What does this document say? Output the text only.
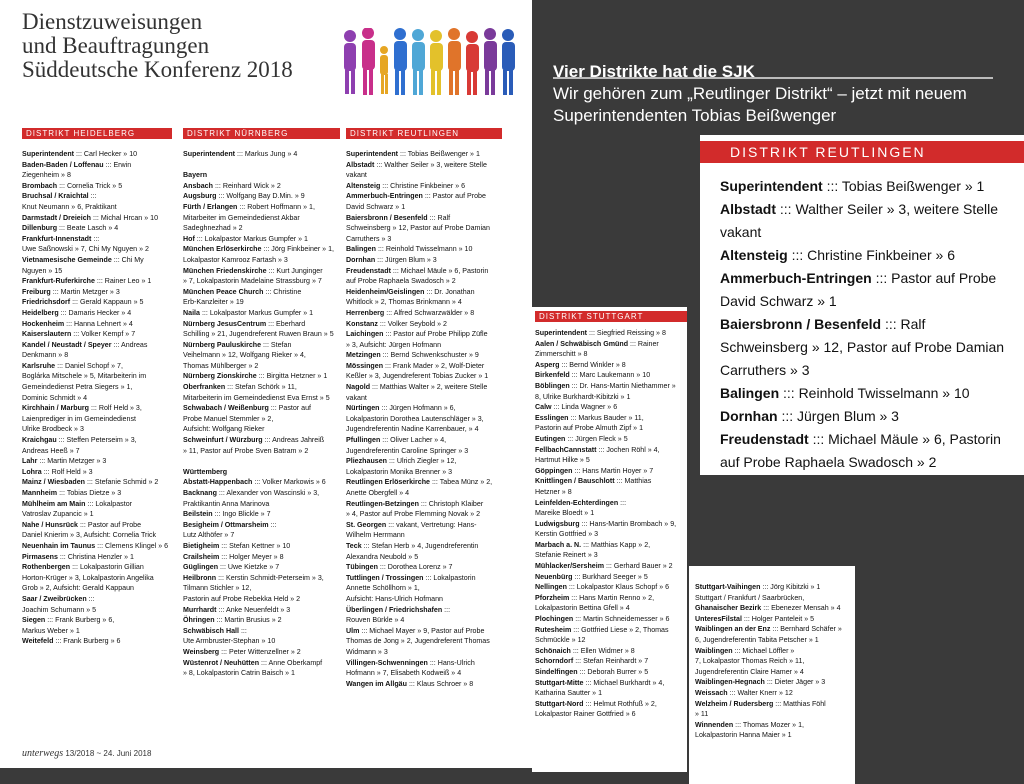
Dienstzuweisungen
und Beauftragungen
Süddeutsche Konferenz 2018
DISTRIKT HEIDELBERG
Superintendent ::: Carl Hecker » 10
Baden-Baden / Loffenau ::: Erwin
Ziegenheim » 8
Brombach ::: Cornelia Trick » 5
Bruchsal / Kraichtal :::
Knut Neumann » 6, Praktikant
Darmstadt / Dreieich ::: Michal Hrcan » 10
Dillenburg ::: Beate Lasch » 4
Frankfurt-Innenstadt :::
Uwe Saßnowski » 7, Chi My Nguyen » 2
Vietnamesische Gemeinde ::: Chi My
Nguyen » 15
Frankfurt-Ruferkirche ::: Rainer Leo » 1
Freiburg ::: Martin Metzger » 3
Friedrichsdorf ::: Gerald Kappaun » 5
Heidelberg ::: Damaris Hecker » 4
Hockenheim ::: Hanna Lehnert » 4
Kaiserslautern ::: Volker Kempf » 7
Kandel / Neustadt / Speyer ::: Andreas
Denkmann » 8
Karlsruhe ::: Daniel Schopf » 7,
Boglárka Mitschele » 5, Mitarbeiterin im
Gemeindedienst Petra Siegers » 1,
Dominic Schmidt » 4
Kirchhain / Marburg ::: Rolf Held » 3,
Laienprediger in im Gemeindedienst
Ulrike Brodbeck » 3
Kraichgau ::: Steffen Peterseim » 3,
Andreas Heeß » 7
Lahr ::: Martin Metzger » 3
Lohra ::: Rolf Held » 3
Mainz / Wiesbaden ::: Stefanie Schmid » 2
Mannheim ::: Tobias Dietze » 3
Mühlheim am Main ::: Lokalpastor
Vatroslav Zupancic » 1
Nahe / Hunsrück ::: Pastor auf Probe
Daniel Knierim » 3, Aufsicht: Cornelia Trick
Neuenhain im Taunus ::: Clemens Klingel » 6
Pirmasens ::: Christina Henzler » 1
Rothenbergen ::: Lokalpastorin Gillian
Horton-Krüger » 3, Lokalpastorin Angelika
Grob » 2, Aufsicht: Gerald Kappaun
Saar / Zweibrücken :::
Joachim Schumann » 5
Siegen ::: Frank Burberg » 6,
Markus Weber » 1
Weitefeld ::: Frank Burberg » 6
DISTRIKT NÜRNBERG
Superintendent ::: Markus Jung » 4

Bayern
Ansbach ::: Reinhard Wick » 2
Augsburg ::: Wolfgang Bay D.Min. » 9
Fürth / Erlangen ::: Robert Hoffmann » 1,
Mitarbeiter im Gemeindedienst Akbar
Sadeghnezhad » 2
Hof ::: Lokalpastor Markus Gumpfer » 1
München Erlöserkirche ::: Jörg Finkbeiner » 1,
Lokalpastor Kamrooz Fartash » 3
München Friedenskirche ::: Kurt Junginger
» 7, Lokalpastorin Madelaine Strassburg » 7
München Peace Church ::: Christine
Erb-Kanzleiter » 19
Naila ::: Lokalpastor Markus Gumpfer » 1
Nürnberg JesusCentrum ::: Eberhard
Schilling » 21, Jugendreferent Ruwen Braun » 5
Nürnberg Pauluskirche ::: Stefan
Veihelmann » 12, Wolfgang Rieker » 4,
Thomas Mühlberger » 2
Nürnberg Zionskirche ::: Birgitta Hetzner » 1
Oberfranken ::: Stefan Schörk » 11,
Mitarbeiterin im Gemeindedienst Eva Ernst » 5
Schwabach / Weißenburg ::: Pastor auf
Probe Manuel Stemmler » 2,
Aufsicht: Wolfgang Rieker
Schweinfurt / Würzburg ::: Andreas Jahreiß
» 11, Pastor auf Probe Sven Batram » 2

Württemberg
Abstatt-Happenbach ::: Volker Markowis » 6
Backnang ::: Alexander von Wascinski » 3,
Praktikantin Anna Marinova
Beilstein ::: Ingo Blickle » 7
Besigheim / Ottmarsheim :::
Lutz Althöfer » 7
Bietigheim ::: Stefan Kettner » 10
Crailsheim ::: Holger Meyer » 8
Güglingen ::: Uwe Kietzke » 7
Heilbronn ::: Kerstin Schmidt-Peterseim » 3,
Tilmann Stichler » 12,
Pastorin auf Probe Rebekka Held » 2
Murrhardt ::: Anke Neuenfeldt » 3
Öhringen ::: Martin Brusius » 2
Schwäbisch Hall :::
Ute Armbruster-Stephan » 10
Weinsberg ::: Peter Wittenzellner » 2
Wüstenrot / Neuhütten ::: Anne Oberkampf
» 8, Lokalpastorin Catrin Baisch » 1
DISTRIKT REUTLINGEN
Superintendent ::: Tobias Beißwenger » 1
Albstadt ::: Walther Seiler » 3, weitere Stelle
vakant
Altensteig ::: Christine Finkbeiner » 6
Ammerbuch-Entringen ::: Pastor auf Probe
David Schwarz » 1
Baiersbronn / Besenfeld ::: Ralf
Schweinsberg » 12, Pastor auf Probe Damian
Carruthers » 3
Balingen ::: Reinhold Twisselmann » 10
Dornhan ::: Jürgen Blum » 3
Freudenstadt ::: Michael Mäule » 6, Pastorin
auf Probe Raphaela Swadosch » 2
Heidenheim/Geislingen ::: Dr. Jonathan
Whitlock » 2, Thomas Brinkmann » 4
Herrenberg ::: Alfred Schwarzwälder » 8
Konstanz ::: Volker Seybold » 2
Laichingen ::: Pastor auf Probe Philipp Züfle
» 3, Aufsicht: Jürgen Hofmann
Metzingen ::: Bernd Schwenkschuster » 9
Mössingen ::: Frank Mader » 2, Wolf-Dieter
Keßler » 3, Jugendreferent Tobias Zucker » 1
Nagold ::: Matthias Walter » 2, weitere Stelle
vakant
Nürtingen ::: Jürgen Hofmann » 6,
Lokalpastorin Dorothea Lautenschläger » 3,
Jugendreferentin Nadine Karrenbauer, » 4
Pfullingen ::: Oliver Lacher » 4,
Jugendreferentin Caroline Springer » 3
Pliezhausen ::: Ulrich Ziegler » 12,
Lokalpastorin Monika Brenner » 3
Reutlingen Erlöserkirche ::: Tabea Münz » 2,
Anette Obergfell » 4
Reutlingen-Betzingen ::: Christoph Klaiber
» 4, Pastor auf Probe Flemming Novak » 2
St. Georgen ::: vakant, Vertretung: Hans-
Wilhelm Herrmann
Teck ::: Stefan Herb » 4, Jugendreferentin
Alexandra Neubold » 5
Tübingen ::: Dorothea Lorenz » 7
Tuttlingen / Trossingen ::: Lokalpastorin
Annette Schöllhorn » 1,
Aufsicht: Hans-Ulrich Hofmann
Überlingen / Friedrichshafen :::
Rouven Bürkle » 4
Ulm ::: Michael Mayer » 9, Pastor auf Probe
Thomas de Jong » 2, Jugendreferent Thomas
Widmann » 3
Villingen-Schwenningen ::: Hans-Ulrich
Hofmann » 7, Elisabeth Kodweiß » 4
Wangen im Allgäu ::: Klaus Schroer » 8
unterwegs 13/2018 ~ 24. Juni 2018
DISTRIKT STUTTGART
Superintendent ::: Siegfried Reissing » 8
Aalen / Schwäbisch Gmünd ::: Rainer
Zimmerschitt » 8
Asperg ::: Bernd Winkler » 8
Birkenfeld ::: Marc Laukemann » 10
Böblingen ::: Dr. Hans-Martin Niethammer »
8, Ulrike Burkhardt-Kibitzki » 1
Calw ::: Linda Wagner » 6
Esslingen ::: Markus Bauder » 11,
Pastorin auf Probe Almuth Zipf » 1
Eutingen ::: Jürgen Fleck » 5
FellbachCannstatt ::: Jochen Röhl » 4,
Hartmut Hilke » 5
Göppingen ::: Hans Martin Hoyer » 7
Knittlingen / Bauschlott ::: Matthias
Hetzner » 8
Leinfelden-Echterdingen :::
Mareike Bloedt » 1
Ludwigsburg ::: Hans-Martin Brombach » 9,
Kerstin Gottfried » 3
Marbach a. N. ::: Matthias Kapp » 2,
Stefanie Reinert » 3
Mühlacker/Sersheim ::: Gerhard Bauer » 2
Neuenbürg ::: Burkhard Seeger » 5
Nellingen ::: Lokalpastor Klaus Schopf » 6
Pforzheim ::: Hans Martin Renno » 2,
Lokalpastorin Bettina Gfell » 4
Plochingen ::: Martin Schneidemesser » 6
Rutesheim ::: Gottfried Liese » 2, Thomas
Schmückle » 12
Schönaich ::: Ellen Widmer » 8
Schorndorf ::: Stefan Reinhardt » 7
Sindelfingen ::: Deborah Burrer » 5
Stuttgart-Mitte ::: Michael Burkhardt » 4,
Katharina Sautter » 1
Stuttgart-Nord ::: Helmut Rothfuß » 2,
Lokalpastor Rainer Gottfried » 6
Stuttgart-Vaihingen ::: Jörg Kibitzki » 1
Stuttgart / Frankfurt / Saarbrücken,
Ghanaischer Bezirk ::: Ebenezer Mensah » 4
UnteresFilstal ::: Holger Panteleit » 5
Waiblingen an der Enz ::: Bernhard Schäfer »
6, Jugendreferentin Tabita Petscher » 1
Waiblingen ::: Michael Löffler »
7, Lokalpastor Thomas Reich » 11,
Jugendreferentin Claire Hamer » 4
Waiblingen-Hegnach ::: Dieter Jäger » 3
Weissach ::: Walter Knerr » 12
Welzheim / Rudersberg ::: Matthias Föhl
» 11
Winnenden ::: Thomas Mozer » 1,
Lokalpastorin Hanna Maier » 1
Vier Distrikte hat die SJK
Wir gehören zum „Reutlinger Distrikt“ – jetzt mit neuem Superintendenten Tobias Beißwenger
DISTRIKT REUTLINGEN
Superintendent ::: Tobias Beißwenger » 1
Albstadt ::: Walther Seiler » 3, weitere Stelle
vakant
Altensteig ::: Christine Finkbeiner » 6
Ammerbuch-Entringen ::: Pastor auf Probe
David Schwarz » 1
Baiersbronn / Besenfeld ::: Ralf
Schweinsberg » 12, Pastor auf Probe Damian
Carruthers » 3
Balingen ::: Reinhold Twisselmann » 10
Dornhan ::: Jürgen Blum » 3
Freudenstadt ::: Michael Mäule » 6, Pastorin
auf Probe Raphaela Swadosch » 2
